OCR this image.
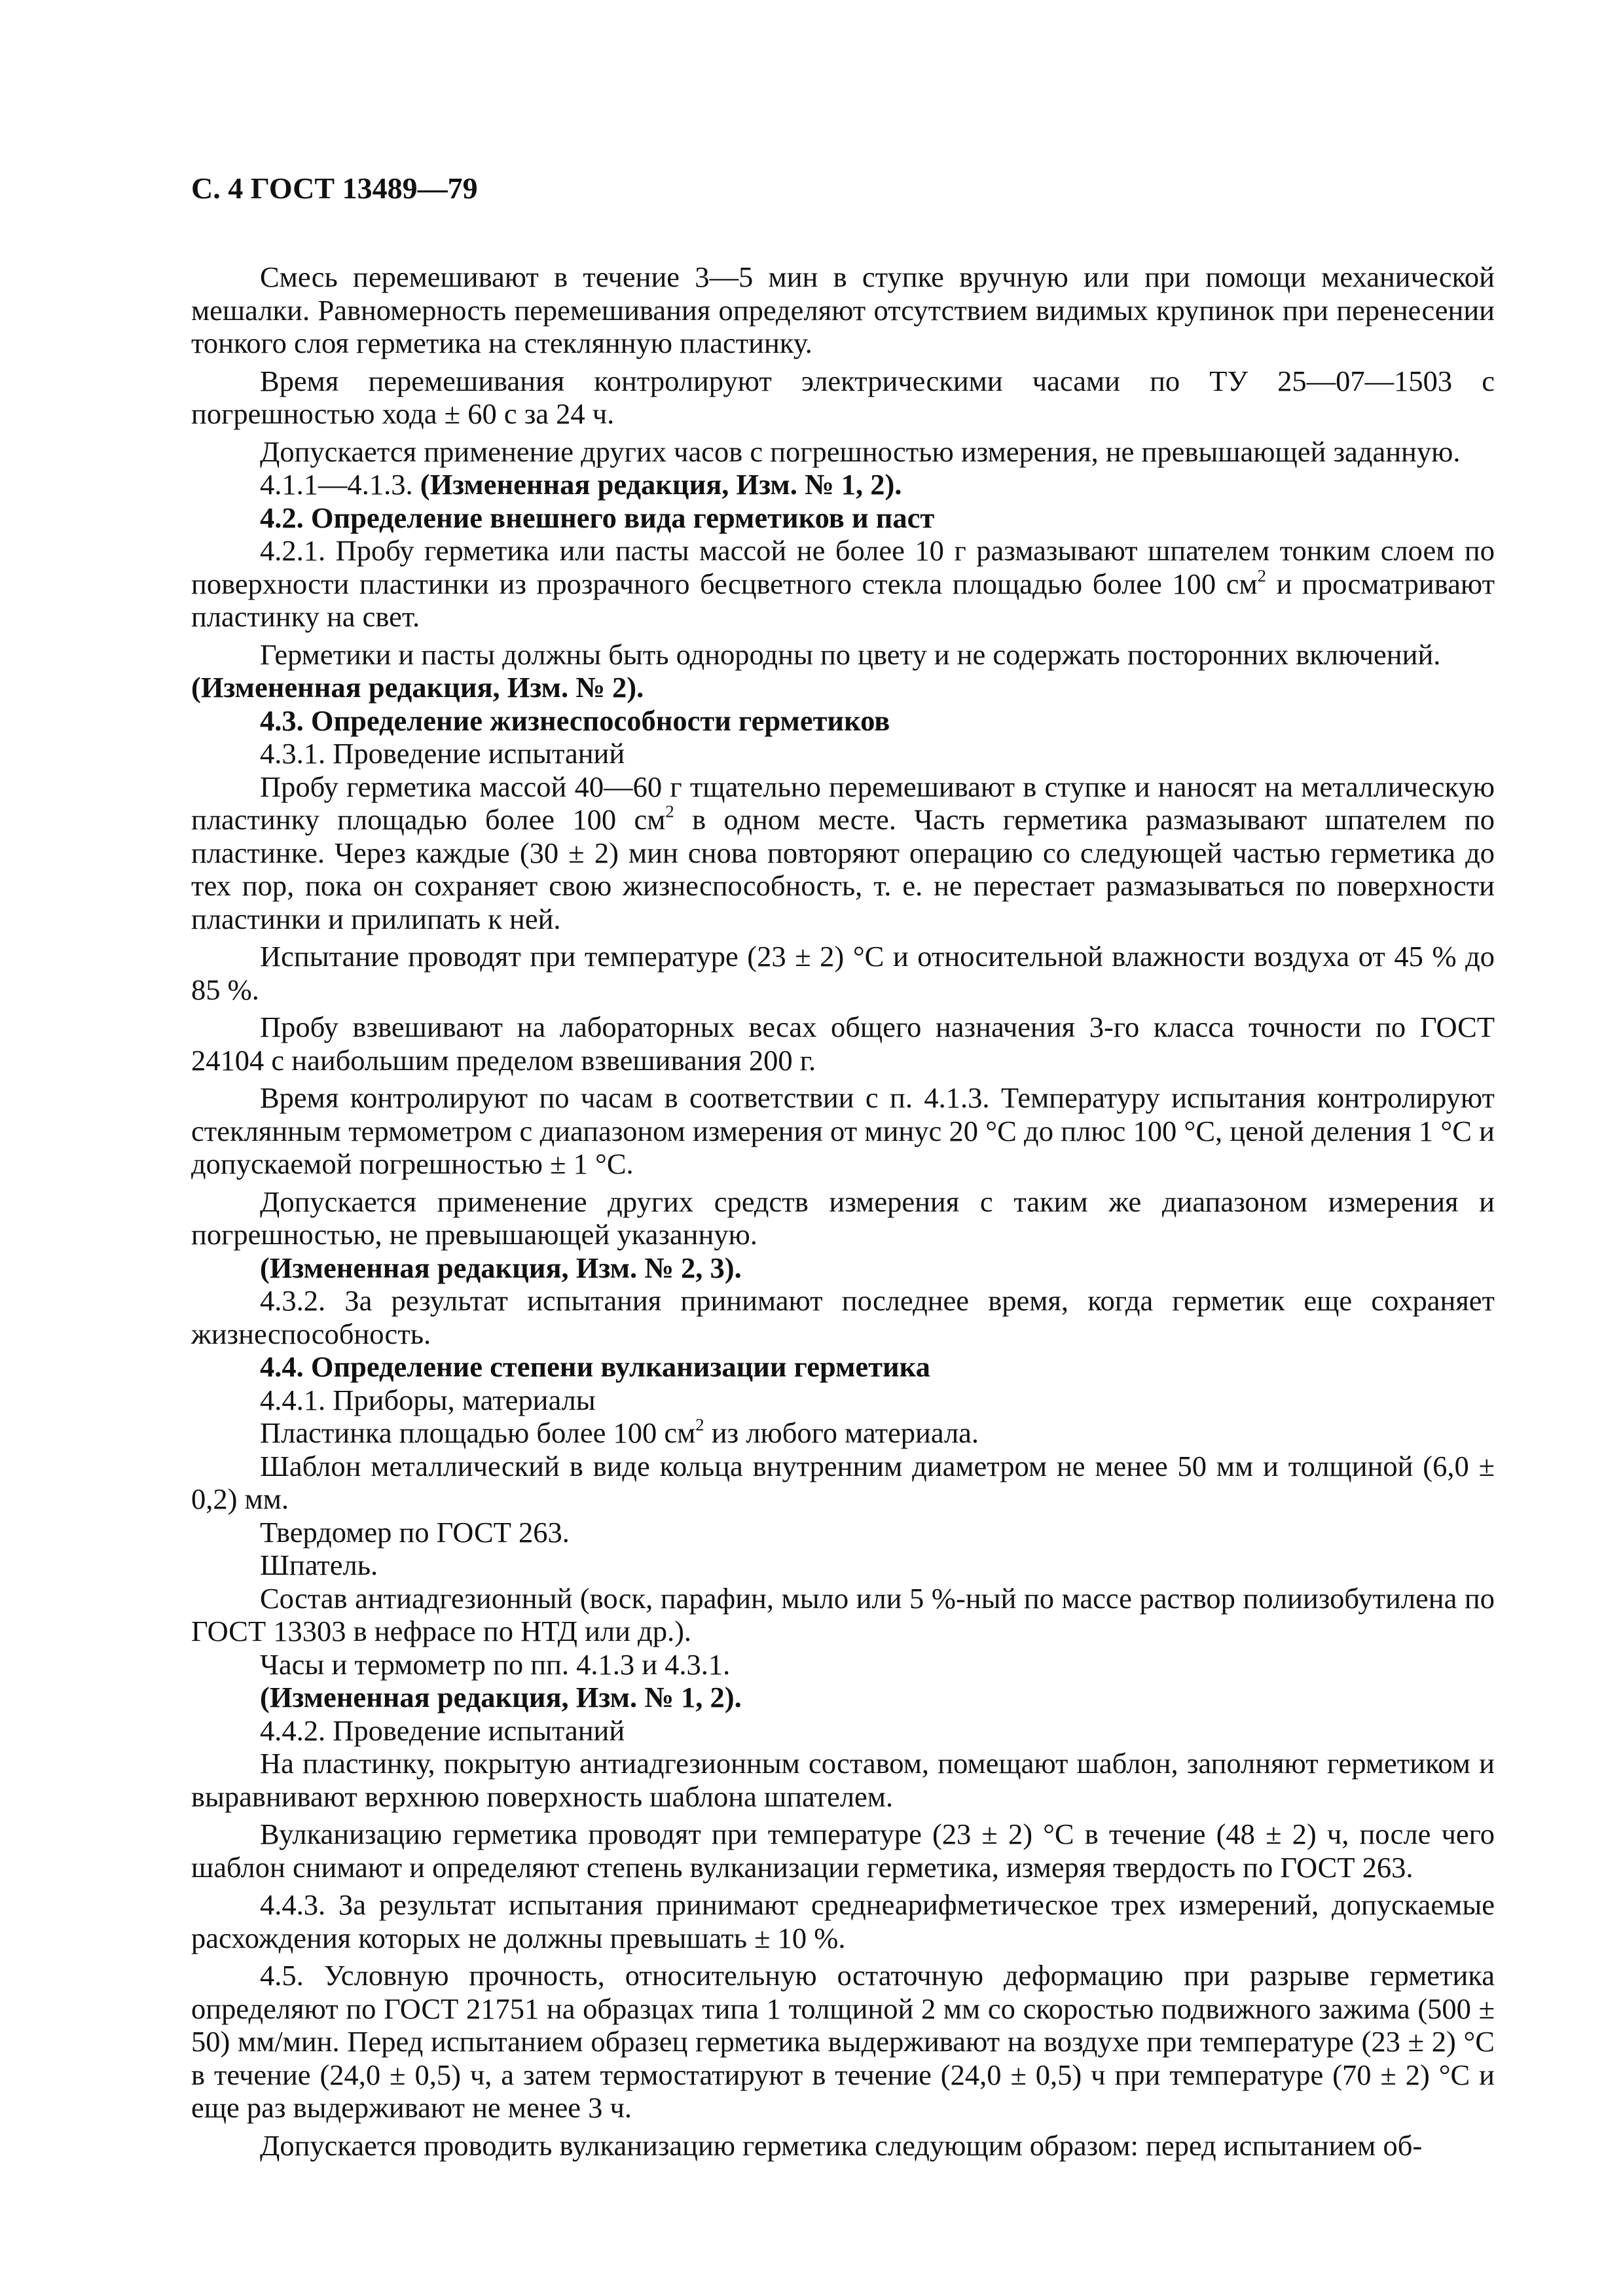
С. 4 ГОСТ 13489—79

Смесь перемешивают в течение 3—5 мин в ступке вручную или при помощи механической мешалки. Равномерность перемешивания определяют отсутствием видимых крупинок при перенесении тонкого слоя герметика на стеклянную пластинку.

Время перемешивания контролируют электрическими часами по ТУ 25—07—1503 с погрешностью хода ± 60 с за 24 ч.

Допускается применение других часов с погрешностью измерения, не превышающей заданную.

4.1.1—4.1.3. (Измененная редакция, Изм. № 1, 2).

4.2. Определение внешнего вида герметиков и паст

4.2.1. Пробу герметика или пасты массой не более 10 г размазывают шпателем тонким слоем по поверхности пластинки из прозрачного бесцветного стекла площадью более 100 $см^2$ и просматривают пластинку на свет.

Герметики и пасты должны быть однородны по цвету и не содержать посторонних включений.

(Измененная редакция, Изм. № 2).

4.3. Определение жизнеспособности герметиков

4.3.1. Проведение испытаний

Пробу герметика массой 40—60 г тщательно перемешивают в ступке и наносят на металлическую пластинку площадью более 100 $см^2$ в одном месте. Часть герметика размазывают шпателем по пластинке. Через каждые (30 ± 2) мин снова повторяют операцию со следующей частью герметика до тех пор, пока он сохраняет свою жизнеспособность, т. е. не перестает размазываться по поверхности пластинки и прилипать к ней.

Испытание проводят при температуре (23 ± 2) °С и относительной влажности воздуха от 45 % до 85 %.

Пробу взвешивают на лабораторных весах общего назначения 3-го класса точности по ГОСТ 24104 с наибольшим пределом взвешивания 200 г.

Время контролируют по часам в соответствии с п. 4.1.3. Температуру испытания контролируют стеклянным термометром с диапазоном измерения от минус 20 °С до плюс 100 °С, ценой деления 1 °С и допускаемой погрешностью ± 1 °С.

Допускается применение других средств измерения с таким же диапазоном измерения и погрешностью, не превышающей указанную.

(Измененная редакция, Изм. № 2, 3).

4.3.2. За результат испытания принимают последнее время, когда герметик еще сохраняет жизнеспособность.

4.4. Определение степени вулканизации герметика

4.4.1. Приборы, материалы

Пластинка площадью более 100 $см^2$ из любого материала.

Шаблон металлический в виде кольца внутренним диаметром не менее 50 мм и толщиной (6,0 ± 0,2) мм.

Твердомер по ГОСТ 263.

Шпатель.

Состав антиадгезионный (воск, парафин, мыло или 5 %-ный по массе раствор полиизобутилена по ГОСТ 13303 в нефрасе по НТД или др.).

Часы и термометр по пп. 4.1.3 и 4.3.1.

(Измененная редакция, Изм. № 1, 2).

4.4.2. Проведение испытаний

На пластинку, покрытую антиадгезионным составом, помещают шаблон, заполняют герметиком и выравнивают верхнюю поверхность шаблона шпателем.

Вулканизацию герметика проводят при температуре (23 ± 2) °С в течение (48 ± 2) ч, после чего шаблон снимают и определяют степень вулканизации герметика, измеряя твердость по ГОСТ 263.

4.4.3. За результат испытания принимают среднеарифметическое трех измерений, допускаемые расхождения которых не должны превышать ± 10 %.

4.5. Условную прочность, относительную остаточную деформацию при разрыве герметика определяют по ГОСТ 21751 на образцах типа 1 толщиной 2 мм со скоростью подвижного зажима (500 ± 50) мм/мин. Перед испытанием образец герметика выдерживают на воздухе при температуре (23 ± 2) °С в течение (24,0 ± 0,5) ч, а затем термостатируют в течение (24,0 ± 0,5) ч при температуре (70 ± 2) °С и еще раз выдерживают не менее 3 ч.

Допускается проводить вулканизацию герметика следующим образом: перед испытанием об-
